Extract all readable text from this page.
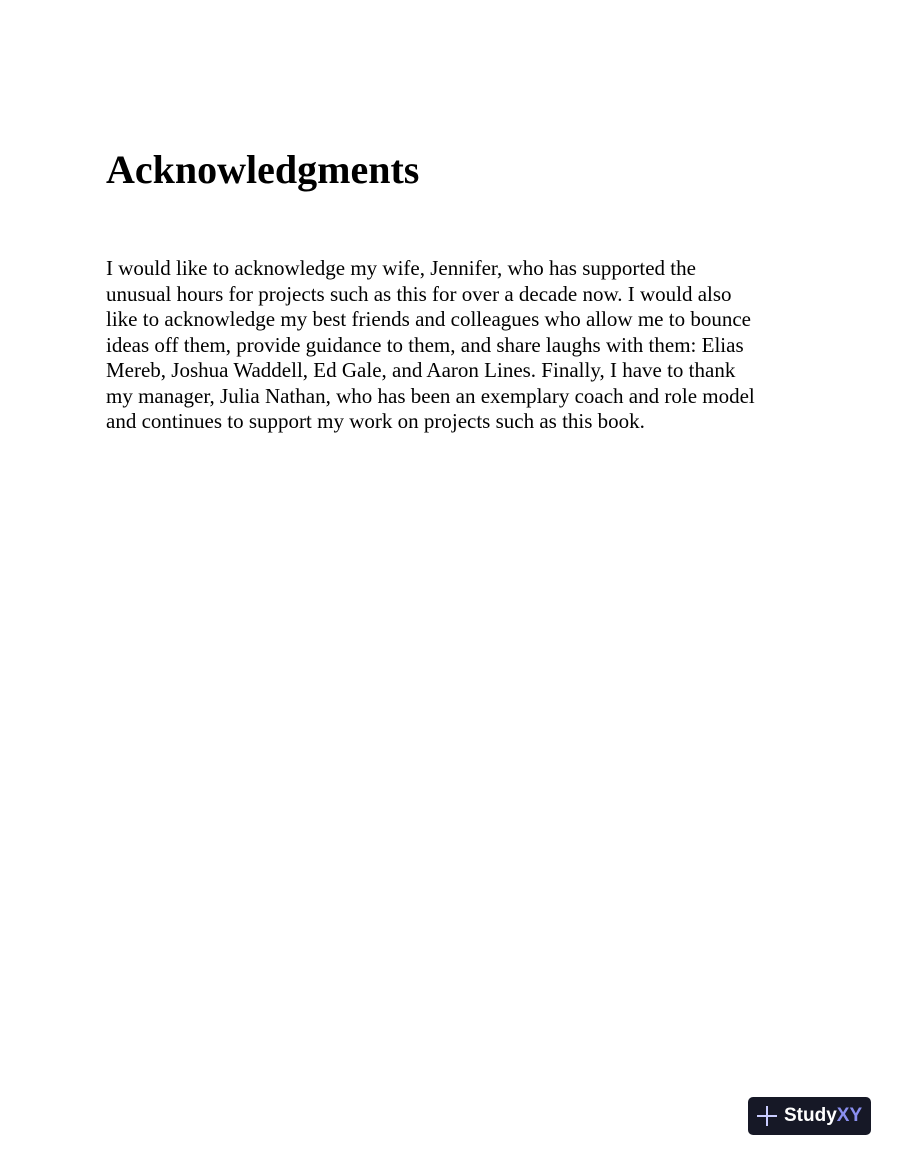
Acknowledgments
I would like to acknowledge my wife, Jennifer, who has supported the
unusual hours for projects such as this for over a decade now. I would also
like to acknowledge my best friends and colleagues who allow me to bounce
ideas off them, provide guidance to them, and share laughs with them: Elias
Mereb, Joshua Waddell, Ed Gale, and Aaron Lines. Finally, I have to thank
my manager, Julia Nathan, who has been an exemplary coach and role model
and continues to support my work on projects such as this book.
StudyXY
